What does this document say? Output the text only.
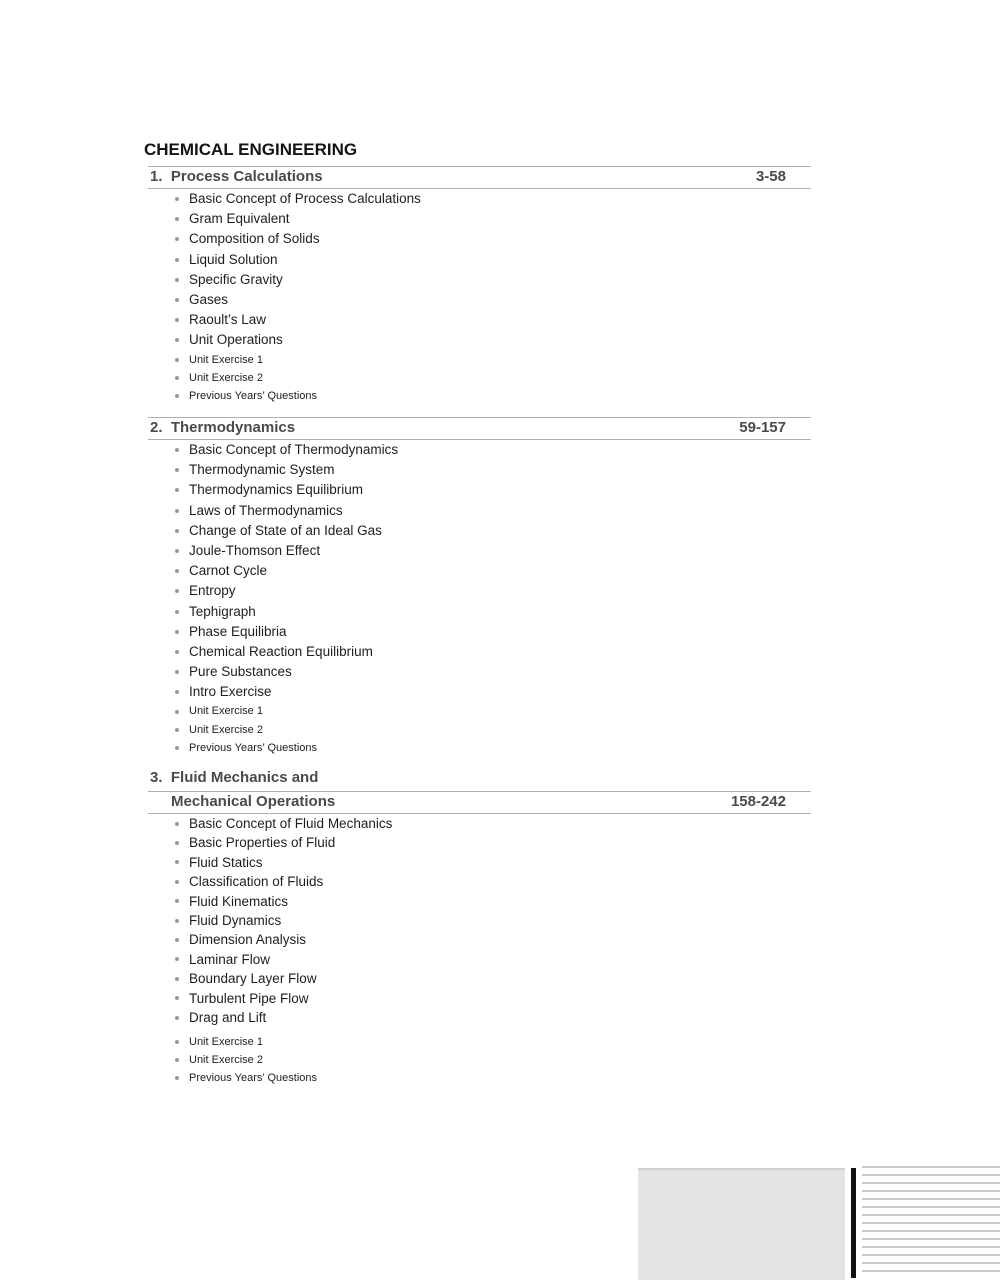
CHEMICAL ENGINEERING
1. Process Calculations	3-58
Basic Concept of Process Calculations
Gram Equivalent
Composition of Solids
Liquid Solution
Specific Gravity
Gases
Raoult’s Law
Unit Operations
Unit Exercise 1
Unit Exercise 2
Previous Years’ Questions
2. Thermodynamics	59-157
Basic Concept of Thermodynamics
Thermodynamic System
Thermodynamics Equilibrium
Laws of Thermodynamics
Change of State of an Ideal Gas
Joule-Thomson Effect
Carnot Cycle
Entropy
Tephigraph
Phase Equilibria
Chemical Reaction Equilibrium
Pure Substances
Intro Exercise
Unit Exercise 1
Unit Exercise 2
Previous Years’ Questions
3. Fluid Mechanics and
Mechanical Operations	158-242
Basic Concept of Fluid Mechanics
Basic Properties of Fluid
Fluid Statics
Classification of Fluids
Fluid Kinematics
Fluid Dynamics
Dimension Analysis
Laminar Flow
Boundary Layer Flow
Turbulent Pipe Flow
Drag and Lift
Unit Exercise 1
Unit Exercise 2
Previous Years’ Questions
